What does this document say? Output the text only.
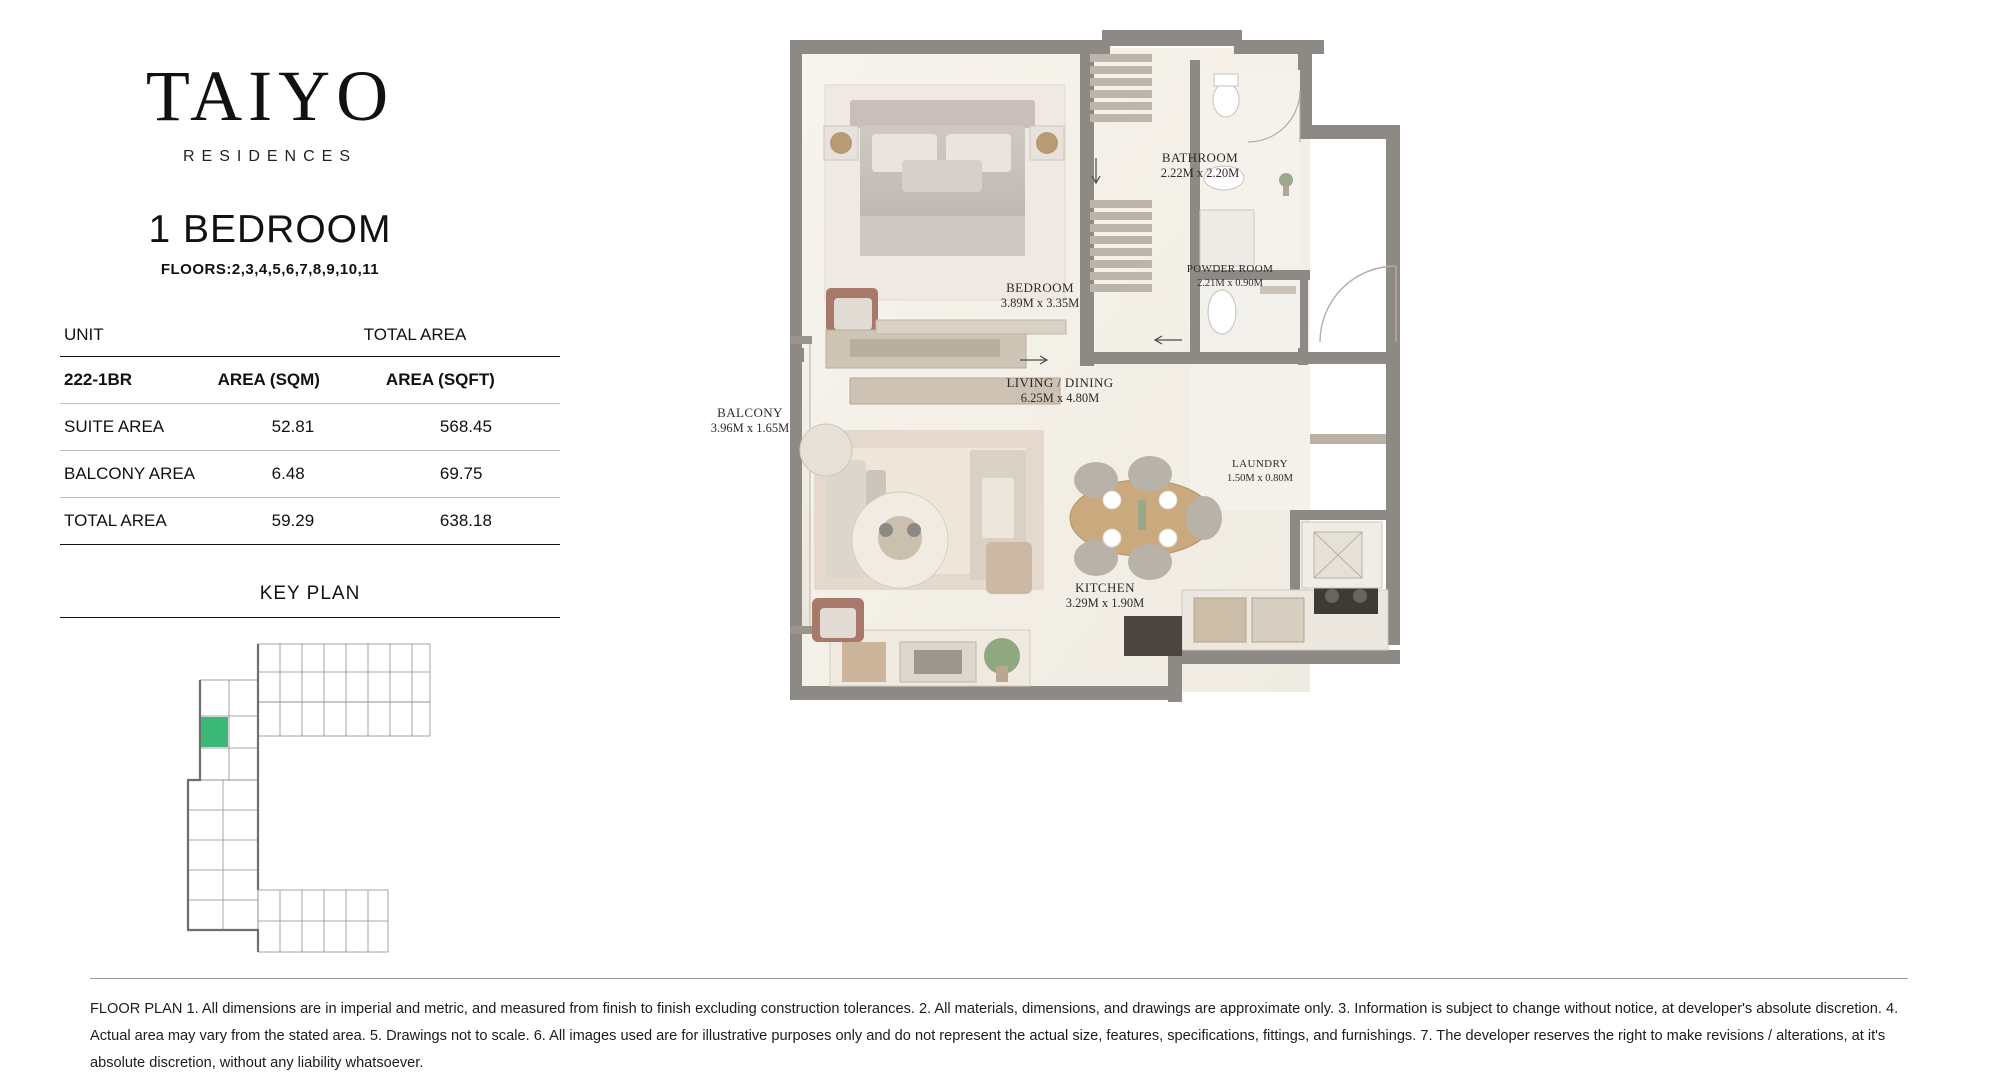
TAIYO
RESIDENCES
1 BEDROOM
FLOORS:2,3,4,5,6,7,8,9,10,11
UNIT	TOTAL AREA	
222-1BR	AREA (SQM)	AREA (SQFT)
SUITE AREA	52.81	568.45
BALCONY AREA	6.48	69.75
TOTAL AREA	59.29	638.18
KEY PLAN
BEDROOM
3.89M x 3.35M
BATHROOM
2.22M x 2.20M
POWDER ROOM
2.21M x 0.90M
LIVING / DINING
6.25M x 4.80M
BALCONY
3.96M x 1.65M
LAUNDRY
1.50M x 0.80M
KITCHEN
3.29M x 1.90M
FLOOR PLAN 1. All dimensions are in imperial and metric, and measured from finish to finish excluding construction tolerances. 2. All materials, dimensions, and drawings are approximate only. 3. Information is subject to change without notice, at developer's absolute discretion. 4. Actual area may vary from the stated area. 5. Drawings not to scale. 6. All images used are for illustrative purposes only and do not represent the actual size, features, specifications, fittings, and furnishings. 7. The developer reserves the right to make revisions / alterations, at it's absolute discretion, without any liability whatsoever.
